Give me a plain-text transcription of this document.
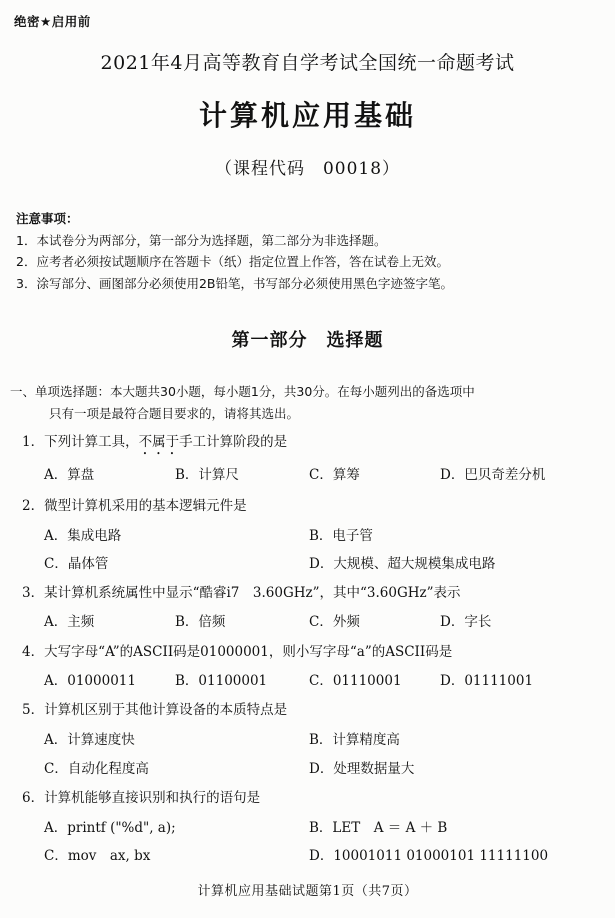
绝密★启用前
2021年4月高等教育自学考试全国统一命题考试
计算机应用基础
（课程代码　00018）
注意事项：
1．本试卷分为两部分，第一部分为选择题，第二部分为非选择题。
2．应考者必须按试题顺序在答题卡（纸）指定位置上作答，答在试卷上无效。
3．涂写部分、画图部分必须使用2B铅笔，书写部分必须使用黑色字迹签字笔。
第一部分　选择题
一、单项选择题：本大题共30小题，每小题1分，共30分。在每小题列出的备选项中
只有一项是最符合题目要求的，请将其选出。
1．下列计算工具，不属于手工计算阶段的是
A．算盘	B．计算尺	C．算筹	D．巴贝奇差分机
2．微型计算机采用的基本逻辑元件是
A．集成电路	B．电子管
C．晶体管	D．大规模、超大规模集成电路
3．某计算机系统属性中显示“酷睿i7　3.60GHz”，其中“3.60GHz”表示
A．主频	B．倍频	C．外频	D．字长
4．大写字母“A”的ASCII码是01000001，则小写字母“a”的ASCII码是
A．01000011	B．01100001	C．01110001	D．01111001
5．计算机区别于其他计算设备的本质特点是
A．计算速度快	B．计算精度高
C．自动化程度高	D．处理数据量大
6．计算机能够直接识别和执行的语句是
A．printf ("%d", a);	B．LET　A ＝ A ＋ B
C．mov　ax, bx	D．10001011 01000101 11111100
计算机应用基础试题第1页（共7页）
